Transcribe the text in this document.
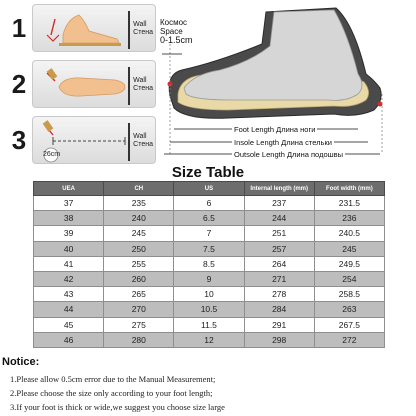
1	Wall
Стена
2	Wall
Стена
3	26cm
Wall
Стена
Космос
Space
0-1.5cm
Foot Length Длина ноги
Insole Length Длина стельки
Outsole Length Длина подошвы
Size Table
UEA	CH	US	Internal length (mm)	Foot width (mm)
37	235	6	237	231.5
38	240	6.5	244	236
39	245	7	251	240.5
40	250	7.5	257	245
41	255	8.5	264	249.5
42	260	9	271	254
43	265	10	278	258.5
44	270	10.5	284	263
45	275	11.5	291	267.5
46	280	12	298	272
Notice:
1.Please allow 0.5cm error due to the Manual Measurement;
2.Please choose the size only according to your foot length;
3.If your foot is thick or wide,we suggest you choose size large
